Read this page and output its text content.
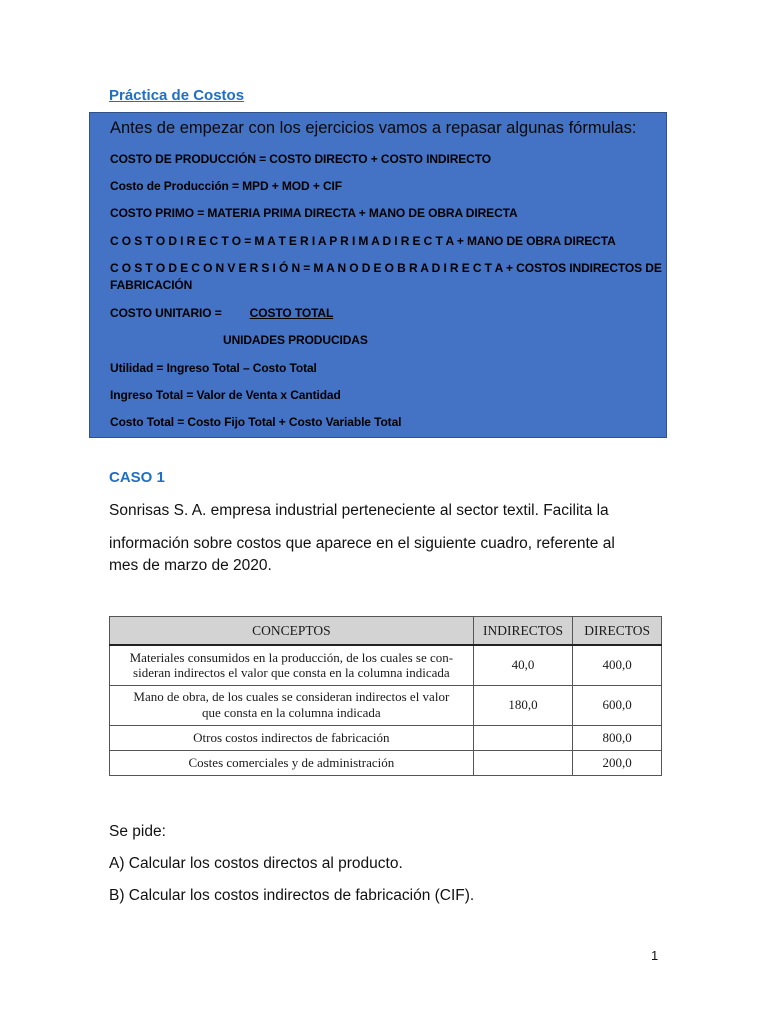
Práctica de Costos
Antes de empezar con los ejercicios vamos a repasar algunas fórmulas:
COSTO DE PRODUCCIÓN = COSTO DIRECTO + COSTO INDIRECTO
Costo de Producción = MPD + MOD + CIF
COSTO PRIMO = MATERIA PRIMA DIRECTA + MANO DE OBRA DIRECTA
C O S T O D I R E C T O = M A T E R I A P R I M A D I R E C T A + MANO DE OBRA DIRECTA
C O S T O D E C O N V E R S I Ó N = M A N O D E O B R A D I R E C T A + COSTOS INDIRECTOS DE
FABRICACIÓN
COSTO UNITARIO = COSTO TOTAL
UNIDADES PRODUCIDAS
Utilidad = Ingreso Total – Costo Total
Ingreso Total = Valor de Venta x Cantidad
Costo Total = Costo Fijo Total + Costo Variable Total
CASO 1
Sonrisas S. A. empresa industrial perteneciente al sector textil. Facilita la
información sobre costos que aparece en el siguiente cuadro, referente al
mes de marzo de 2020.
CONCEPTOS	INDIRECTOS	DIRECTOS

Materiales consumidos en la producción, de los cuales se con-
sideran indirectos el valor que consta en la columna indicada	40,0	400,0

Mano de obra, de los cuales se consideran indirectos el valor
que consta en la columna indicada	180,0	600,0
Otros costos indirectos de fabricación		800,0
Costes comerciales y de administración		200,0
Se pide:
A) Calcular los costos directos al producto.
B) Calcular los costos indirectos de fabricación (CIF).
1
